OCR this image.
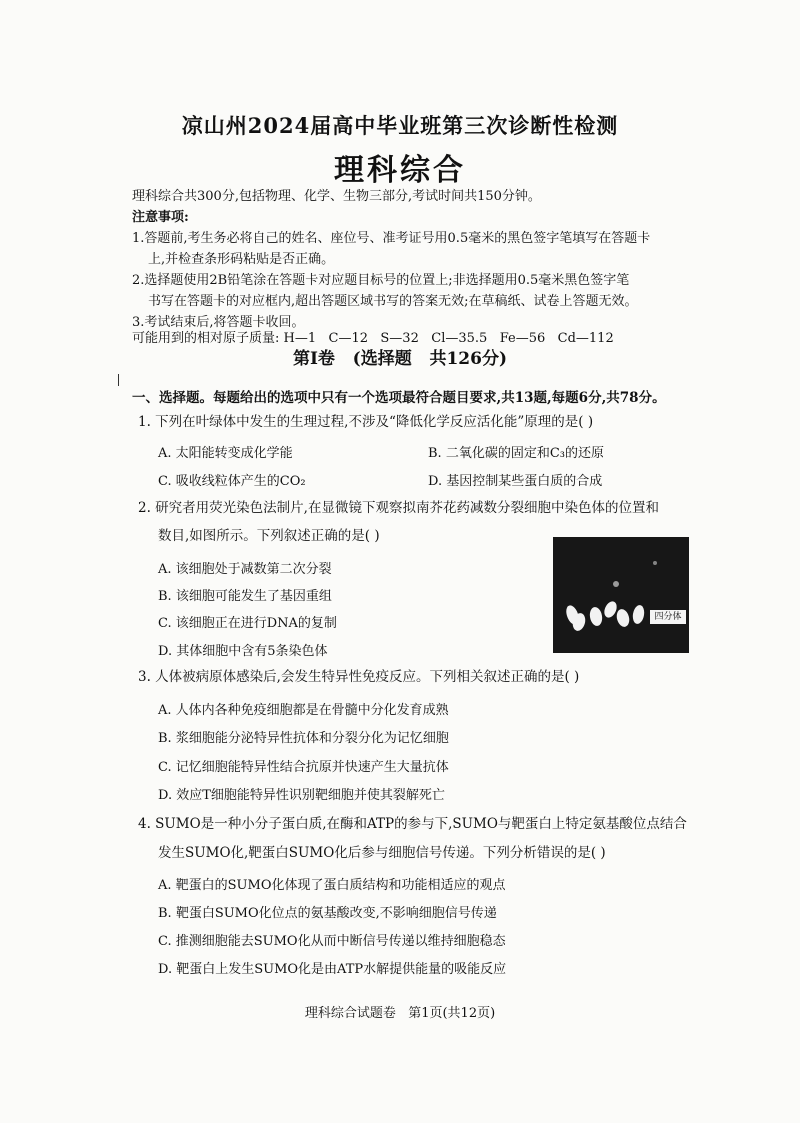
凉山州2024届高中毕业班第三次诊断性检测
理科综合
理科综合共300分,包括物理、化学、生物三部分,考试时间共150分钟。
注意事项:
1.答题前,考生务必将自己的姓名、座位号、准考证号用0.5毫米的黑色签字笔填写在答题卡
上,并检查条形码粘贴是否正确。
2.选择题使用2B铅笔涂在答题卡对应题目标号的位置上;非选择题用0.5毫米黑色签字笔
书写在答题卡的对应框内,超出答题区域书写的答案无效;在草稿纸、试卷上答题无效。
3.考试结束后,将答题卡收回。
可能用到的相对原子质量: H—1   C—12   S—32   Cl—35.5   Fe—56   Cd—112
第Ⅰ卷   (选择题   共126分)
一、选择题。每题给出的选项中只有一个选项最符合题目要求,共13题,每题6分,共78分。
1. 下列在叶绿体中发生的生理过程,不涉及“降低化学反应活化能”原理的是( )
A. 太阳能转变成化学能	B. 二氧化碳的固定和C₃的还原
C. 吸收线粒体产生的CO₂	D. 基因控制某些蛋白质的合成
2. 研究者用荧光染色法制片,在显微镜下观察拟南芥花药减数分裂细胞中染色体的位置和
数目,如图所示。下列叙述正确的是( )
A. 该细胞处于减数第二次分裂
B. 该细胞可能发生了基因重组
C. 该细胞正在进行DNA的复制
D. 其体细胞中含有5条染色体
四分体
3. 人体被病原体感染后,会发生特异性免疫反应。下列相关叙述正确的是( )
A. 人体内各种免疫细胞都是在骨髓中分化发育成熟
B. 浆细胞能分泌特异性抗体和分裂分化为记忆细胞
C. 记忆细胞能特异性结合抗原并快速产生大量抗体
D. 效应T细胞能特异性识别靶细胞并使其裂解死亡
4. SUMO是一种小分子蛋白质,在酶和ATP的参与下,SUMO与靶蛋白上特定氨基酸位点结合
发生SUMO化,靶蛋白SUMO化后参与细胞信号传递。下列分析错误的是( )
A. 靶蛋白的SUMO化体现了蛋白质结构和功能相适应的观点
B. 靶蛋白SUMO化位点的氨基酸改变,不影响细胞信号传递
C. 推测细胞能去SUMO化从而中断信号传递以维持细胞稳态
D. 靶蛋白上发生SUMO化是由ATP水解提供能量的吸能反应
理科综合试题卷   第1页(共12页)
